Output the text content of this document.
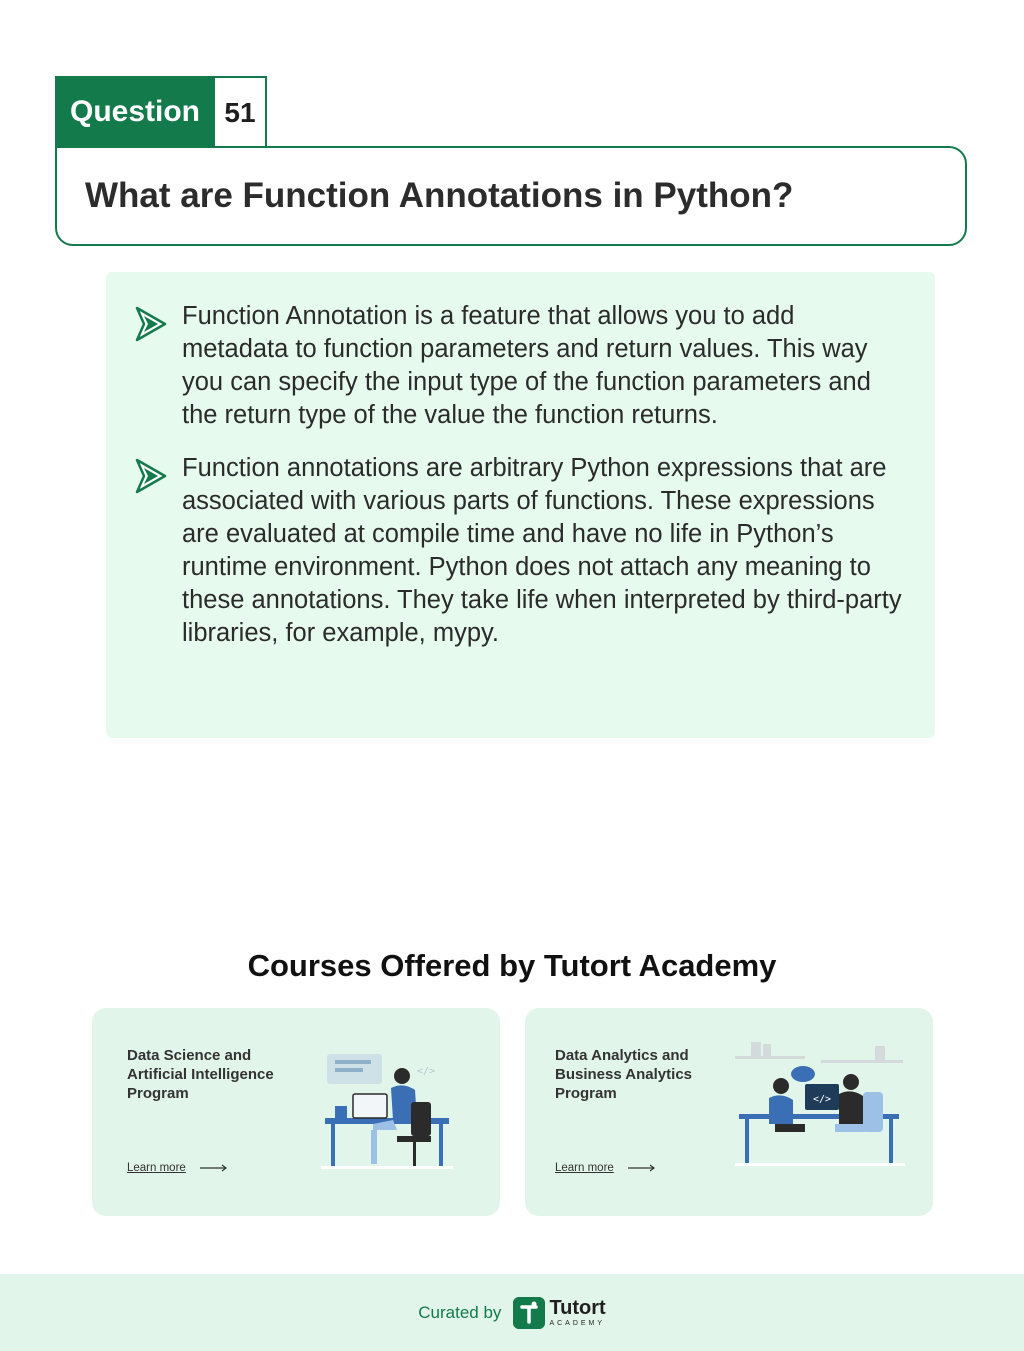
Question 51
What are Function Annotations in Python?

Function Annotation is a feature that allows you to add metadata to function parameters and return values. This way you can specify the input type of the function parameters and the return type of the value the function returns.

Function annotations are arbitrary Python expressions that are associated with various parts of functions. These expressions are evaluated at compile time and have no life in Python’s runtime environment. Python does not attach any meaning to these annotations. They take life when interpreted by third-party libraries, for example, mypy.

Courses Offered by Tutort Academy

Data Science and Artificial Intelligence Program

Learn more
</>

Data Analytics and Business Analytics Program

Learn more
</>
Curated by Tutort
ACADEMY
